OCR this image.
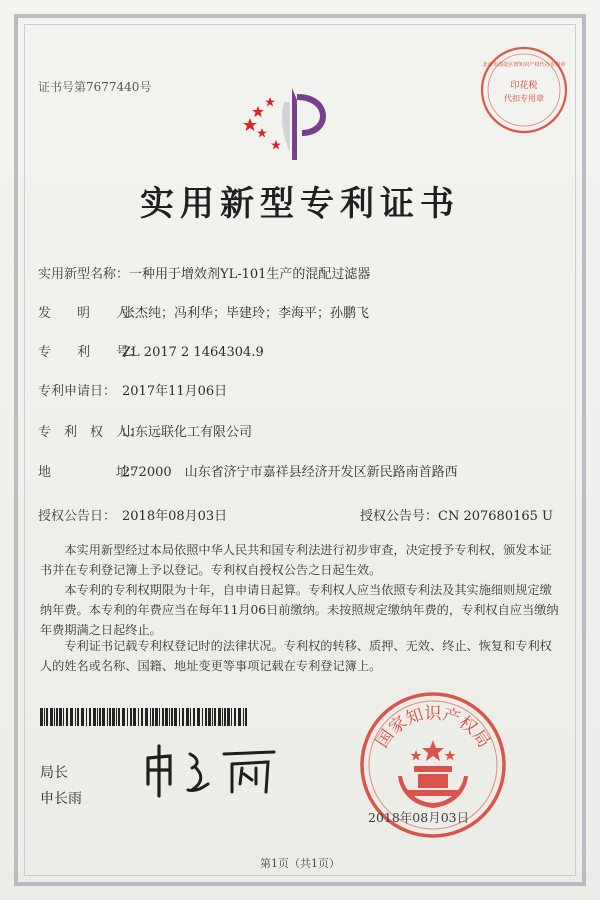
证书号第7677440号	印花税
代扣专用章
北京市海淀区增知识产权代办专用章
实用新型专利证书
实用新型名称：一种用于增效剂YL-101生产的混配过滤器
发　　明　　人：张杰纯；冯利华；毕建玲；李海平；孙鹏飞
专　　利　　号：ZL 2017 2 1464304.9
专利申请日： 2017年11月06日
专　利　权　人：山东远联化工有限公司
地　　　　　址：272000　山东省济宁市嘉祥县经济开发区新民路南首路西
授权公告日： 2018年08月03日	授权公告号：CN 207680165 U
　　本实用新型经过本局依照中华人民共和国专利法进行初步审查，决定授予专利权，颁发本证书并在专利登记簿上予以登记。专利权自授权公告之日起生效。
　　本专利的专利权期限为十年，自申请日起算。专利权人应当依照专利法及其实施细则规定缴纳年费。本专利的年费应当在每年11月06日前缴纳。未按照规定缴纳年费的，专利权自应当缴纳年费期满之日起终止。
　　专利证书记载专利权登记时的法律状况。专利权的转移、质押、无效、终止、恢复和专利权人的姓名或名称、国籍、地址变更等事项记载在专利登记簿上。
局长
申长雨
国家知识产权局
2018年08月03日
第1页（共1页）
